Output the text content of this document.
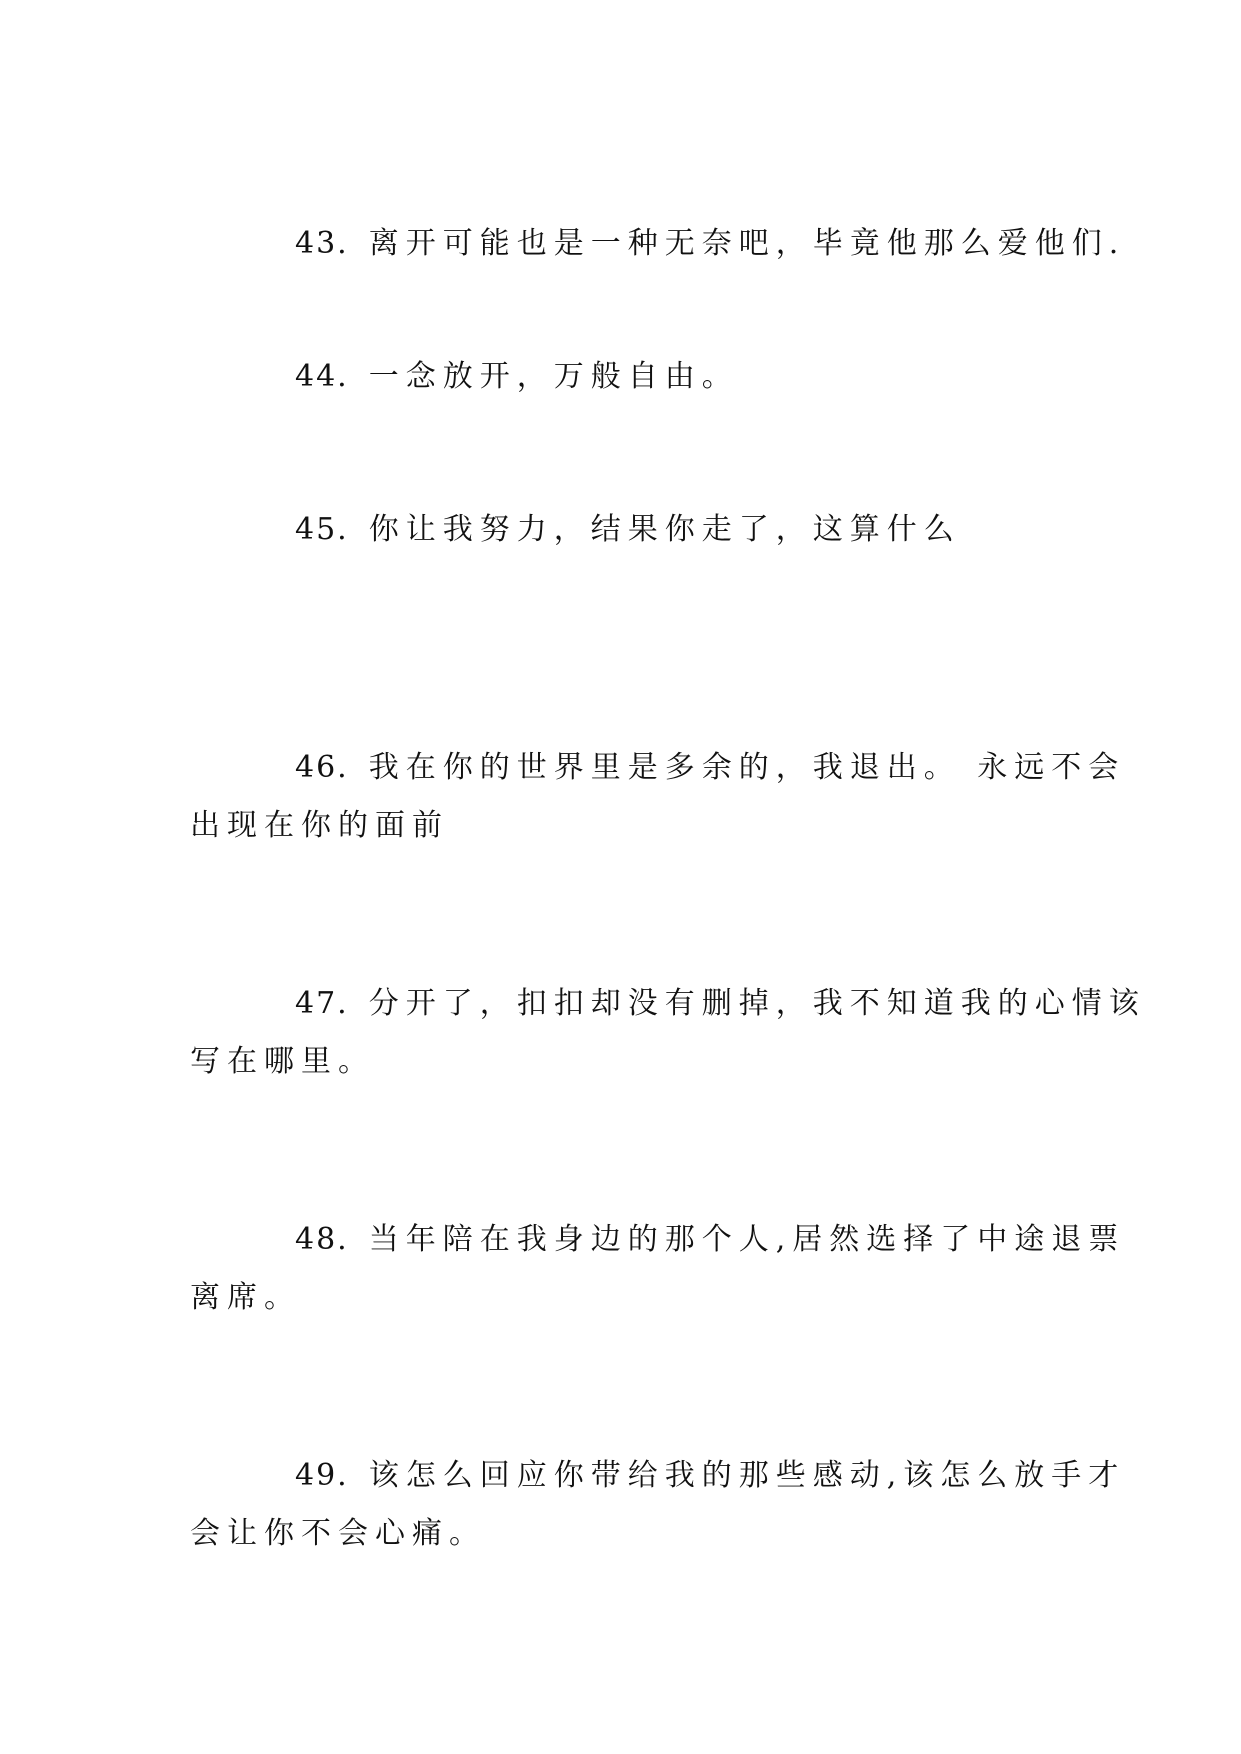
43. 离开可能也是一种无奈吧，毕竟他那么爱他们.
44. 一念放开，万般自由。
45. 你让我努力，结果你走了，这算什么
46. 我在你的世界里是多余的，我退出。 永远不会
出现在你的面前
47. 分开了，扣扣却没有删掉，我不知道我的心情该
写在哪里。
48. 当年陪在我身边的那个人,居然选择了中途退票
离席。
49. 该怎么回应你带给我的那些感动,该怎么放手才
会让你不会心痛。
